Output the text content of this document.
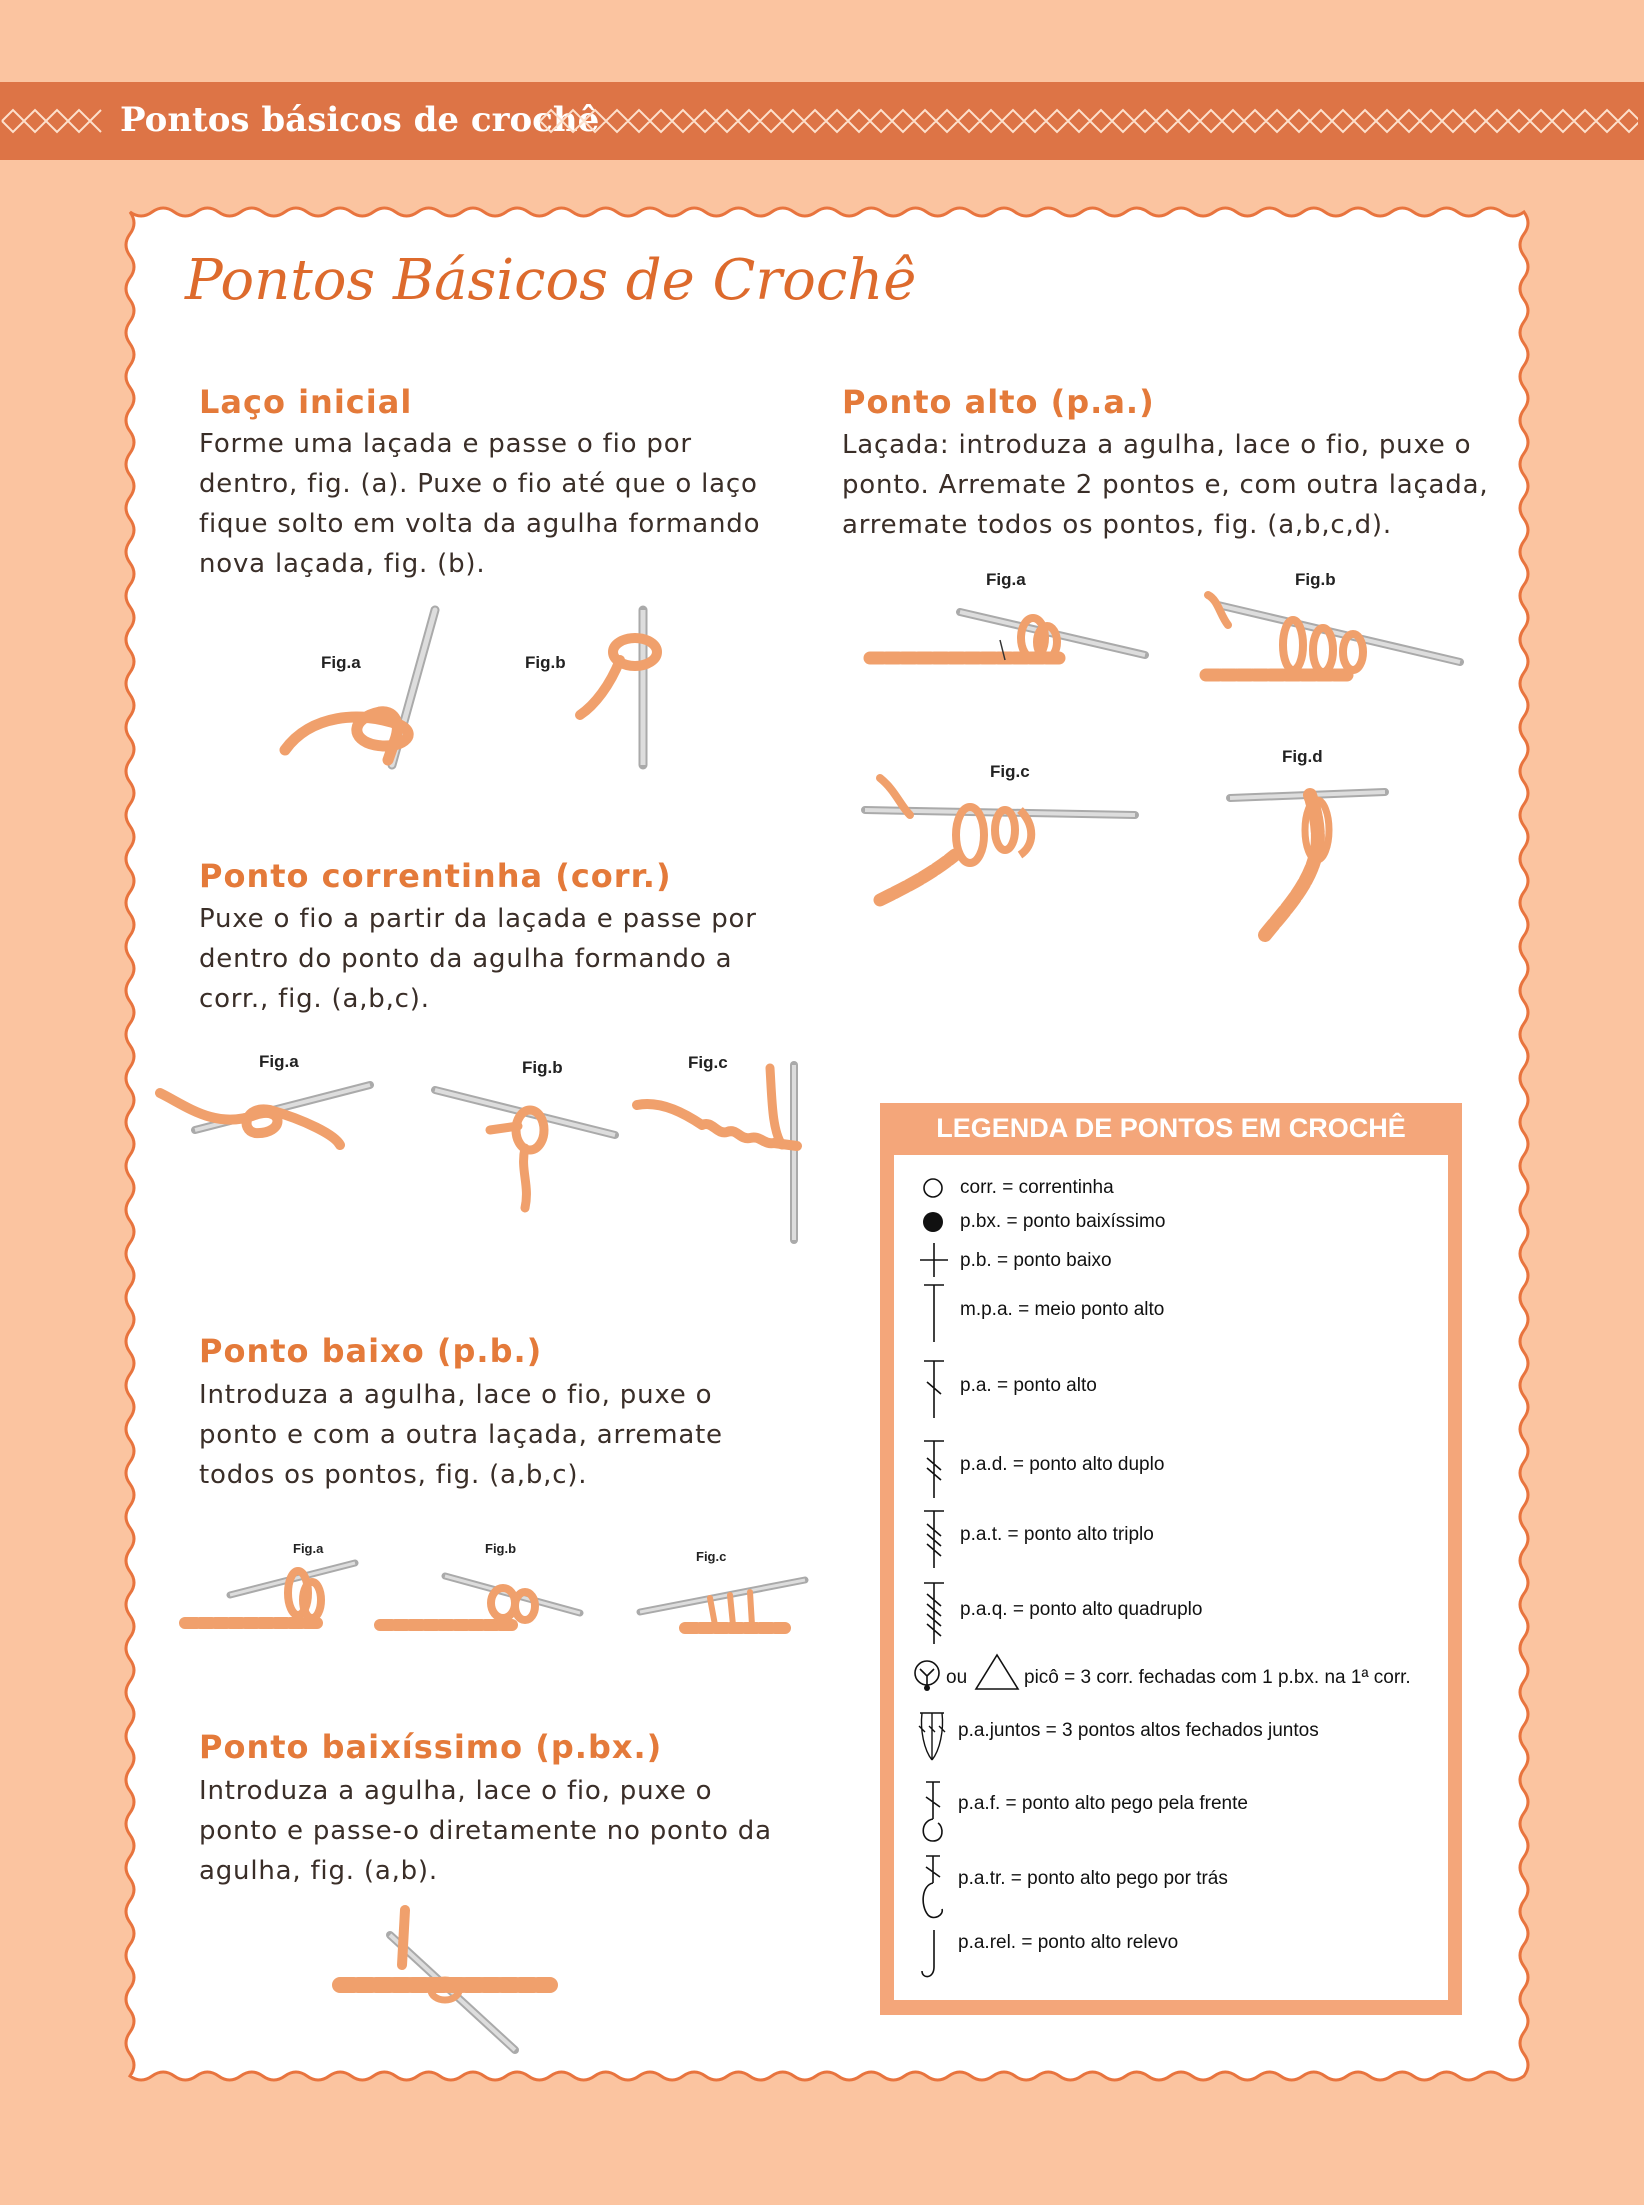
Pontos básicos de crochê
Pontos Básicos de Crochê
Laço inicial
Forme uma laçada e passe o fio por
dentro, fig. (a). Puxe o fio até que o laço
fique solto em volta da agulha formando
nova laçada, fig. (b).
Fig.a	Fig.b
Ponto correntinha (corr.)
Puxe o fio a partir da laçada e passe por
dentro do ponto da agulha formando a
corr., fig. (a,b,c).
Fig.a	Fig.b	Fig.c
Ponto baixo (p.b.)
Introduza a agulha, lace o fio, puxe o
ponto e com a outra laçada, arremate
todos os pontos, fig. (a,b,c).
Fig.a	Fig.b
Fig.c
Ponto baixíssimo (p.bx.)
Introduza a agulha, lace o fio, puxe o
ponto e passe-o diretamente no ponto da
agulha, fig. (a,b).
Ponto alto (p.a.)
Laçada: introduza a agulha, lace o fio, puxe o
ponto. Arremate 2 pontos e, com outra laçada,
arremate todos os pontos, fig. (a,b,c,d).
Fig.a	Fig.b
Fig.c
Fig.d
LEGENDA DE PONTOS EM CROCHÊ
corr. = correntinha
p.bx. = ponto baixíssimo
p.b. = ponto baixo
m.p.a. = meio ponto alto
p.a. = ponto alto
p.a.d. = ponto alto duplo
p.a.t. = ponto alto triplo
p.a.q. = ponto alto quadruplo
ou	picô = 3 corr. fechadas com 1 p.bx. na 1ª corr.
p.a.juntos = 3 pontos altos fechados juntos
p.a.f. = ponto alto pego pela frente
p.a.tr. = ponto alto pego por trás
p.a.rel. = ponto alto relevo
